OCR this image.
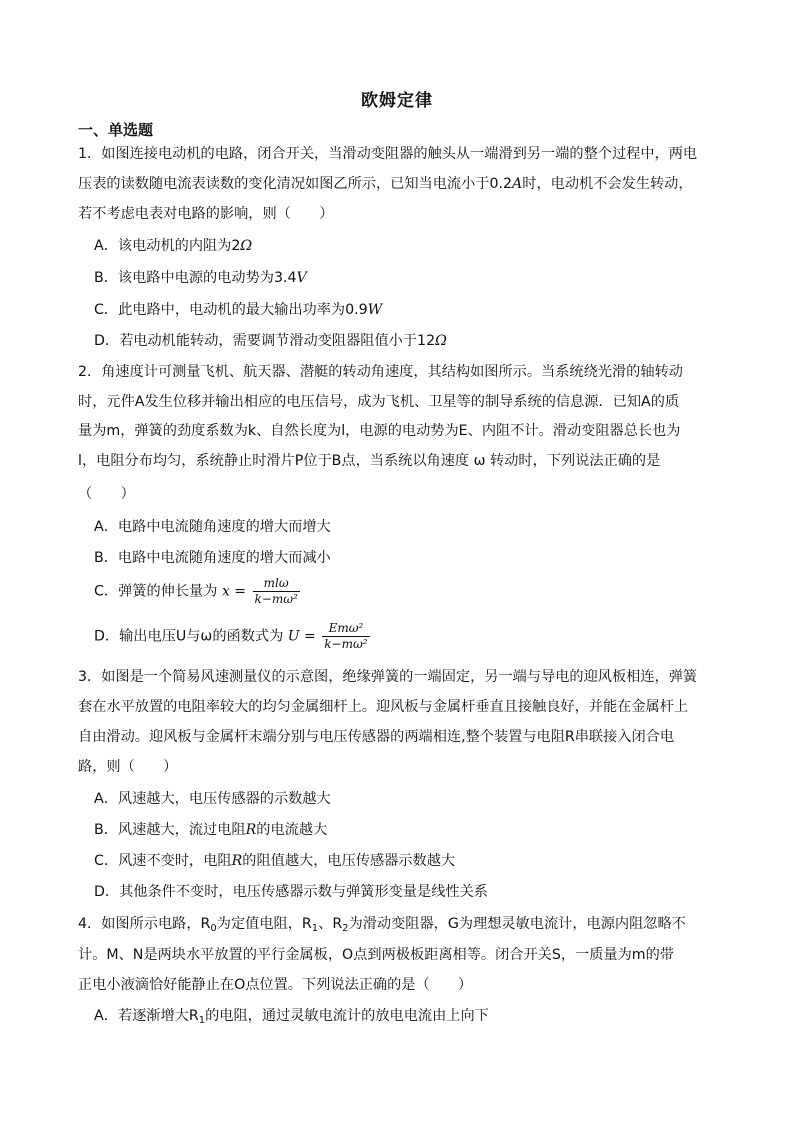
欧姆定律
一、单选题
1．如图连接电动机的电路，闭合开关，当滑动变阻器的触头从一端滑到另一端的整个过程中，两电
压表的读数随电流表读数的变化清况如图乙所示，已知当电流小于0.2A时，电动机不会发生转动，
若不考虑电表对电路的影响，则（　　）
A．该电动机的内阻为2Ω
B．该电路中电源的电动势为3.4V
C．此电路中，电动机的最大输出功率为0.9W
D．若电动机能转动，需要调节滑动变阻器阻值小于12Ω
2．角速度计可测量飞机、航天器、潜艇的转动角速度，其结构如图所示。当系统绕光滑的轴转动
时，元件A发生位移并输出相应的电压信号，成为飞机、卫星等的制导系统的信息源．已知A的质
量为m，弹簧的劲度系数为k、自然长度为l，电源的电动势为E、内阻不计。滑动变阻器总长也为
l，电阻分布均匀，系统静止时滑片P位于B点，当系统以角速度 ω 转动时，下列说法正确的是
（　　）
A．电路中电流随角速度的增大而增大
B．电路中电流随角速度的增大而减小
C．弹簧的伸长量为 $x = \frac{\text{mlω}}{\text{k−mω²}}$
D．输出电压U与ω的函数式为 $U = \frac{\text{Emω²}}{\text{k−mω²}}$
3．如图是一个简易风速测量仪的示意图，绝缘弹簧的一端固定，另一端与导电的迎风板相连，弹簧
套在水平放置的电阻率较大的均匀金属细杆上。迎风板与金属杆垂直且接触良好，并能在金属杆上
自由滑动。迎风板与金属杆末端分别与电压传感器的两端相连,整个装置与电阻R串联接入闭合电
路，则（　　）
A．风速越大，电压传感器的示数越大
B．风速越大，流过电阻R的电流越大
C．风速不变时，电阻R的阻值越大，电压传感器示数越大
D．其他条件不变时，电压传感器示数与弹簧形变量是线性关系
4．如图所示电路，$R_0$为定值电阻，$R_1$、$R_2$为滑动变阻器，G为理想灵敏电流计，电源内阻忽略不
计。M、N是两块水平放置的平行金属板，O点到两极板距离相等。闭合开关S，一质量为m的带
正电小液滴恰好能静止在O点位置。下列说法正确的是（　　）
A．若逐渐增大$R_1$的电阻，通过灵敏电流计的放电电流由上向下
